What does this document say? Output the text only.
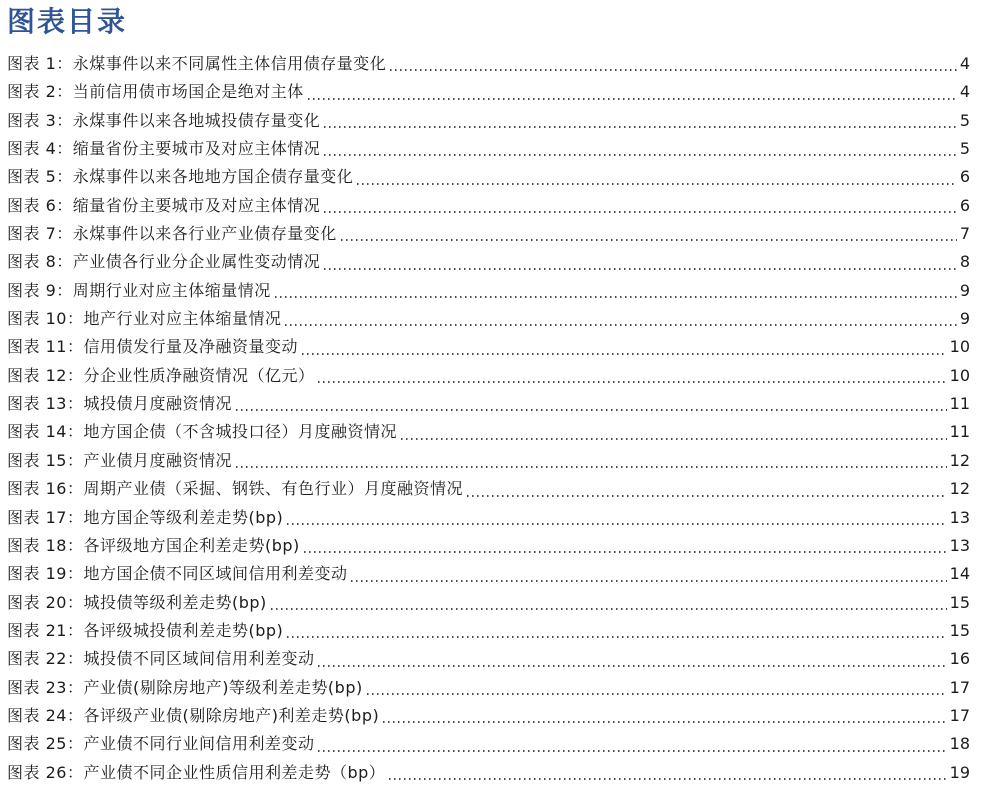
图表目录
图表 1：永煤事件以来不同属性主体信用债存量变化	4
图表 2：当前信用债市场国企是绝对主体	4
图表 3：永煤事件以来各地城投债存量变化	5
图表 4：缩量省份主要城市及对应主体情况	5
图表 5：永煤事件以来各地地方国企债存量变化	6
图表 6：缩量省份主要城市及对应主体情况	6
图表 7：永煤事件以来各行业产业债存量变化	7
图表 8：产业债各行业分企业属性变动情况	8
图表 9：周期行业对应主体缩量情况	9
图表 10：地产行业对应主体缩量情况	9
图表 11：信用债发行量及净融资量变动	10
图表 12：分企业性质净融资情况（亿元）	10
图表 13：城投债月度融资情况	11
图表 14：地方国企债（不含城投口径）月度融资情况	11
图表 15：产业债月度融资情况	12
图表 16：周期产业债（采掘、钢铁、有色行业）月度融资情况	12
图表 17：地方国企等级利差走势(bp)	13
图表 18：各评级地方国企利差走势(bp)	13
图表 19：地方国企债不同区域间信用利差变动	14
图表 20：城投债等级利差走势(bp)	15
图表 21：各评级城投债利差走势(bp)	15
图表 22：城投债不同区域间信用利差变动	16
图表 23：产业债(剔除房地产)等级利差走势(bp)	17
图表 24：各评级产业债(剔除房地产)利差走势(bp)	17
图表 25：产业债不同行业间信用利差变动	18
图表 26：产业债不同企业性质信用利差走势（bp）	19
